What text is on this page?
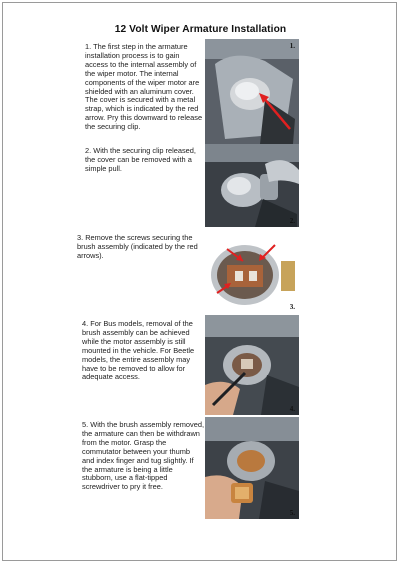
12 Volt Wiper Armature Installation
1. The first step in the armature installation process is to gain access to the internal assembly of the wiper motor. The internal components of the wiper motor are shielded with an aluminum cover. The cover is secured with a metal strap, which is indicated by the red arrow. Pry this downward to release the securing clip.
1.
2. With the securing clip released, the cover can be removed with a simple pull.
2.
3. Remove the screws securing the brush assembly (indicated by the red arrows).
3.
4. For Bus models, removal of the brush assembly can be achieved while the motor assembly is still mounted in the vehicle. For Beetle models, the entire assembly may have to be removed to allow for adequate access.
4.
5. With the brush assembly removed, the armature can then be withdrawn from the motor. Grasp the commutator between your thumb and index finger and tug slightly. If the armature is being a little stubborn, use a flat-tipped screwdriver to pry it free.
5.
